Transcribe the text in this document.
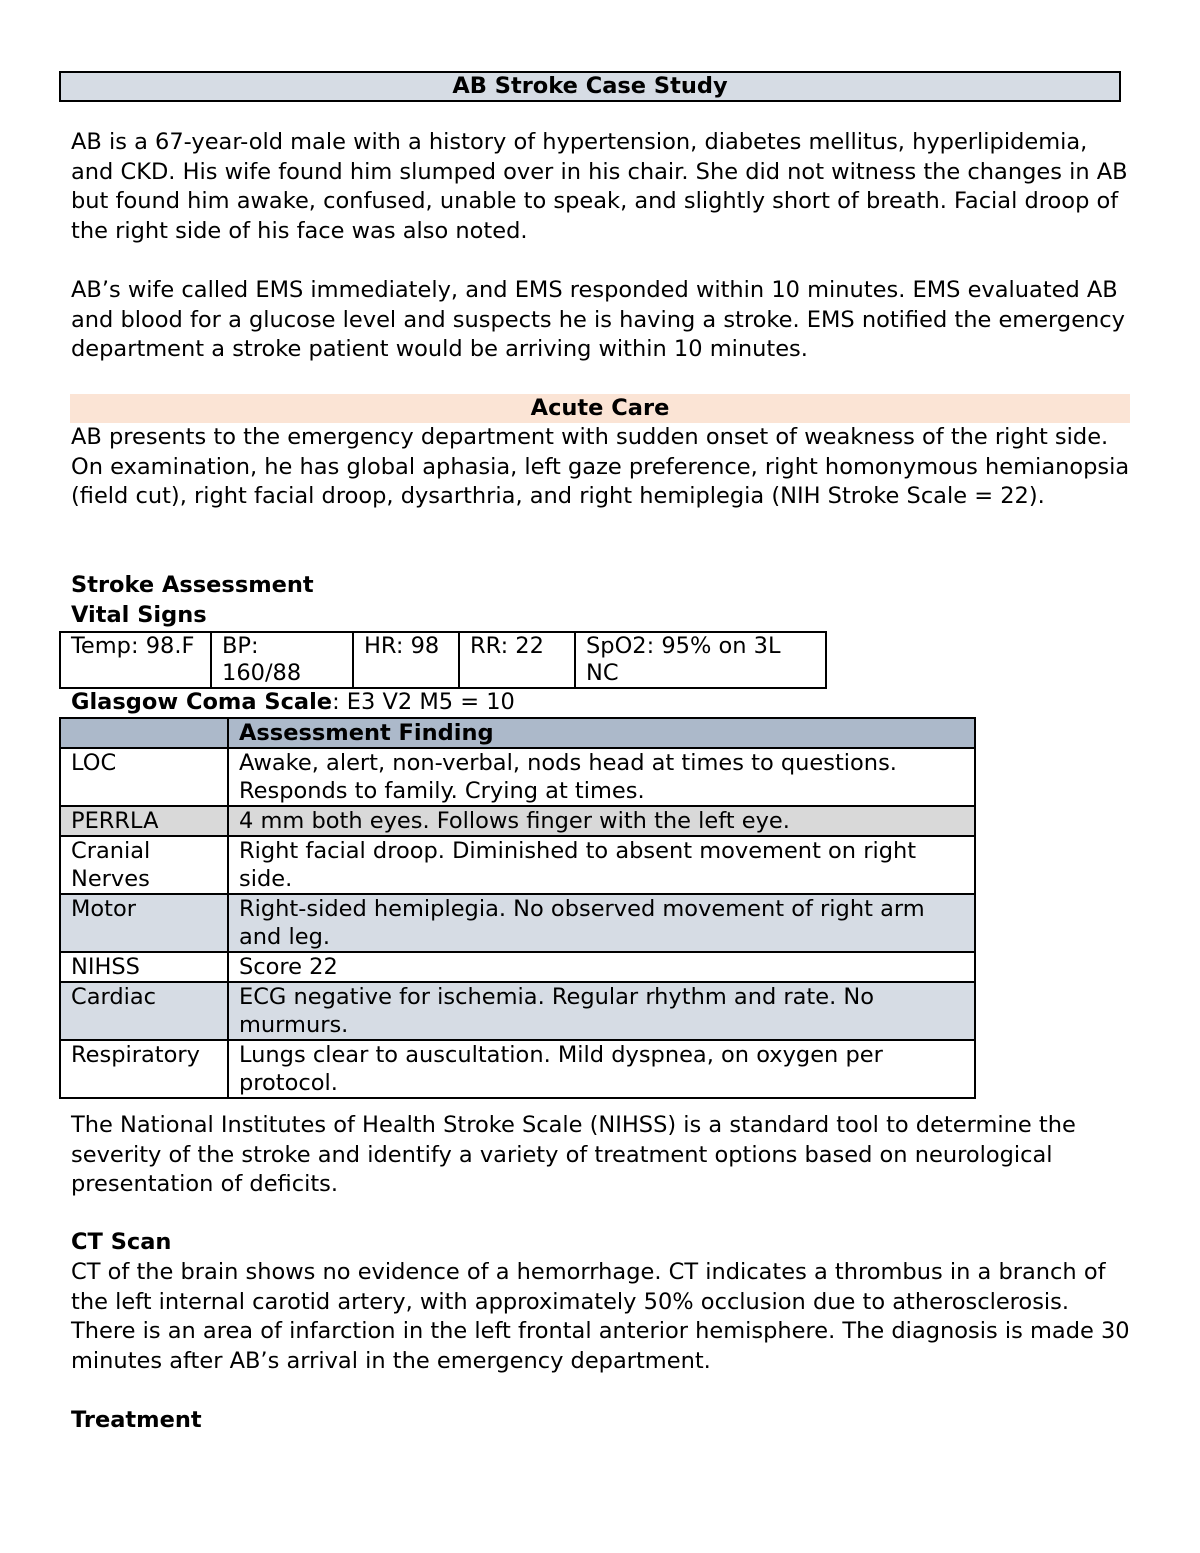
AB Stroke Case Study

AB is a 67-year-old male with a history of hypertension, diabetes mellitus, hyperlipidemia, and CKD. His wife found him slumped over in his chair. She did not witness the changes in AB but found him awake, confused, unable to speak, and slightly short of breath. Facial droop of the right side of his face was also noted.

AB’s wife called EMS immediately, and EMS responded within 10 minutes. EMS evaluated AB and blood for a glucose level and suspects he is having a stroke. EMS notified the emergency department a stroke patient would be arriving within 10 minutes.

Acute Care

AB presents to the emergency department with sudden onset of weakness of the right side. On examination, he has global aphasia, left gaze preference, right homonymous hemianopsia (field cut), right facial droop, dysarthria, and right hemiplegia (NIH Stroke Scale = 22).

Stroke Assessment

Vital Signs

Temp: 98.F	BP: 160/88	HR: 98	RR: 22	SpO2: 95% on 3L NC
Glasgow Coma Scale: E3 V2 M5 = 10
	Assessment Finding
LOC	Awake, alert, non-verbal, nods head at times to questions. Responds to family. Crying at times.
PERRLA	4 mm both eyes. Follows finger with the left eye.
Cranial Nerves	Right facial droop. Diminished to absent movement on right side.
Motor	Right-sided hemiplegia. No observed movement of right arm and leg.
NIHSS	Score 22
Cardiac	ECG negative for ischemia. Regular rhythm and rate. No murmurs.
Respiratory	Lungs clear to auscultation. Mild dyspnea, on oxygen per protocol.

The National Institutes of Health Stroke Scale (NIHSS) is a standard tool to determine the severity of the stroke and identify a variety of treatment options based on neurological presentation of deficits.

CT Scan

CT of the brain shows no evidence of a hemorrhage. CT indicates a thrombus in a branch of the left internal carotid artery, with approximately 50% occlusion due to atherosclerosis. There is an area of infarction in the left frontal anterior hemisphere. The diagnosis is made 30 minutes after AB’s arrival in the emergency department.

Treatment
